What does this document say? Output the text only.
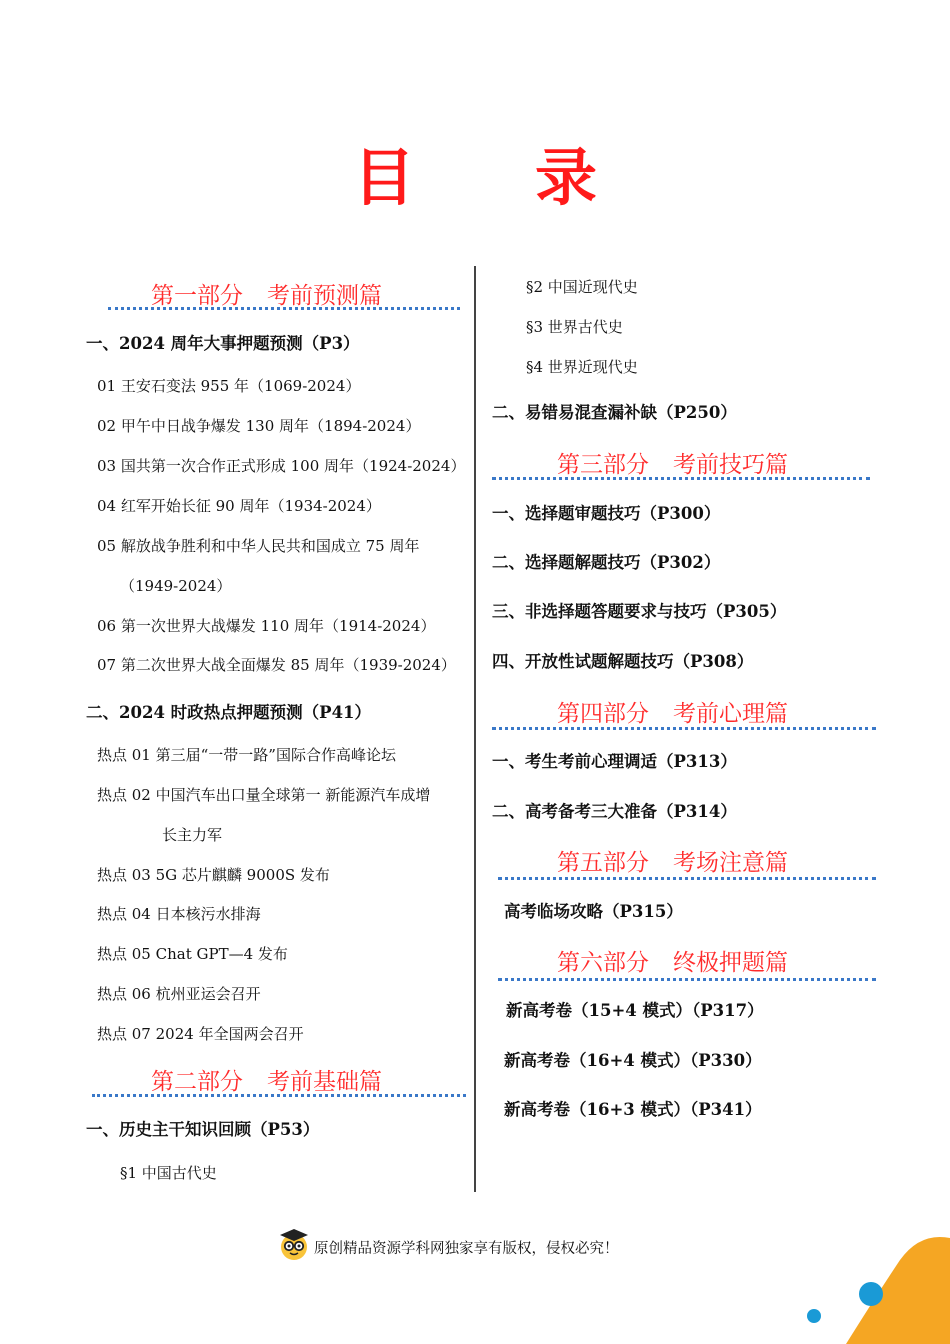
目录
第一部分 考前预测篇
一、2024 周年大事押题预测（P3）
01 王安石变法 955 年（1069-2024）
02 甲午中日战争爆发 130 周年（1894-2024）
03 国共第一次合作正式形成 100 周年（1924-2024）
04 红军开始长征 90 周年（1934-2024）
05 解放战争胜利和中华人民共和国成立 75 周年
（1949-2024）
06 第一次世界大战爆发 110 周年（1914-2024）
07 第二次世界大战全面爆发 85 周年（1939-2024）
二、2024 时政热点押题预测（P41）
热点 01 第三届“一带一路”国际合作高峰论坛
热点 02 中国汽车出口量全球第一 新能源汽车成增
长主力军
热点 03 5G 芯片麒麟 9000S 发布
热点 04 日本核污水排海
热点 05 Chat GPT—4 发布
热点 06 杭州亚运会召开
热点 07 2024 年全国两会召开
第二部分 考前基础篇
一、历史主干知识回顾（P53）
§1 中国古代史
§2 中国近现代史
§3 世界古代史
§4 世界近现代史
二、易错易混查漏补缺（P250）
第三部分 考前技巧篇
一、选择题审题技巧（P300）
二、选择题解题技巧（P302）
三、非选择题答题要求与技巧（P305）
四、开放性试题解题技巧（P308）
第四部分 考前心理篇
一、考生考前心理调适（P313）
二、高考备考三大准备（P314）
第五部分 考场注意篇
高考临场攻略（P315）
第六部分 终极押题篇
新高考卷（15+4 模式）（P317）
新高考卷（16+4 模式）（P330）
新高考卷（16+3 模式）（P341）
原创精品资源学科网独家享有版权，侵权必究！
